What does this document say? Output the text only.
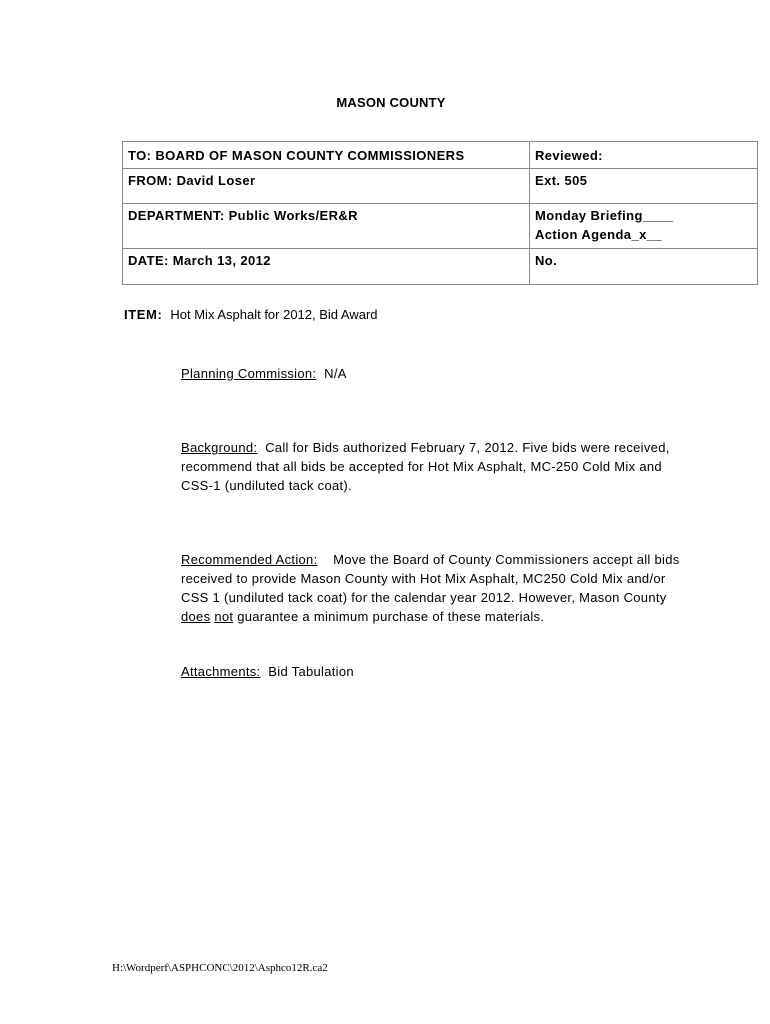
MASON COUNTY
TO: BOARD OF MASON COUNTY COMMISSIONERS	Reviewed:
FROM: David Loser	Ext. 505
DEPARTMENT: Public Works/ER&R	Monday Briefing____
Action Agenda_x__
DATE: March 13, 2012	No.
ITEM: Hot Mix Asphalt for 2012, Bid Award
Planning Commission: N/A
Background: Call for Bids authorized February 7, 2012. Five bids were received, recommend that all bids be accepted for Hot Mix Asphalt, MC-250 Cold Mix and CSS-1 (undiluted tack coat).
Recommended Action: Move the Board of County Commissioners accept all bids received to provide Mason County with Hot Mix Asphalt, MC250 Cold Mix and/or CSS 1 (undiluted tack coat) for the calendar year 2012. However, Mason County does not guarantee a minimum purchase of these materials.
Attachments: Bid Tabulation
H:\Wordperf\ASPHCONC\2012\Asphco12R.ca2
